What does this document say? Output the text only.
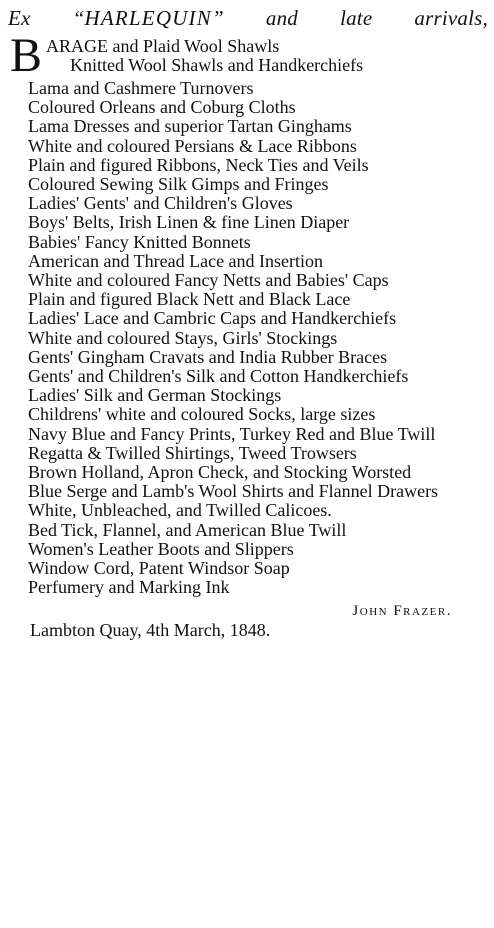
Ex “HARLEQUIN” and late arrivals,
B ARAGE and Plaid Wool Shawls
Knitted Wool Shawls and Handkerchiefs
Lama and Cashmere Turnovers
Coloured Orleans and Coburg Cloths
Lama Dresses and superior Tartan Ginghams
White and coloured Persians & Lace Ribbons
Plain and figured Ribbons, Neck Ties and Veils
Coloured Sewing Silk Gimps and Fringes
Ladies' Gents' and Children's Gloves
Boys' Belts, Irish Linen & fine Linen Diaper
Babies' Fancy Knitted Bonnets
American and Thread Lace and Insertion
White and coloured Fancy Netts and Babies' Caps
Plain and figured Black Nett and Black Lace
Ladies' Lace and Cambric Caps and Handkerchiefs
White and coloured Stays, Girls' Stockings
Gents' Gingham Cravats and India Rubber Braces
Gents' and Children's Silk and Cotton Handkerchiefs
Ladies' Silk and German Stockings
Childrens' white and coloured Socks, large sizes
Navy Blue and Fancy Prints, Turkey Red and Blue Twill
Regatta & Twilled Shirtings, Tweed Trowsers
Brown Holland, Apron Check, and Stocking Worsted
Blue Serge and Lamb's Wool Shirts and Flannel Drawers
White, Unbleached, and Twilled Calicoes.
Bed Tick, Flannel, and American Blue Twill
Women's Leather Boots and Slippers
Window Cord, Patent Windsor Soap
Perfumery and Marking Ink
John Frazer.
Lambton Quay, 4th March, 1848.
